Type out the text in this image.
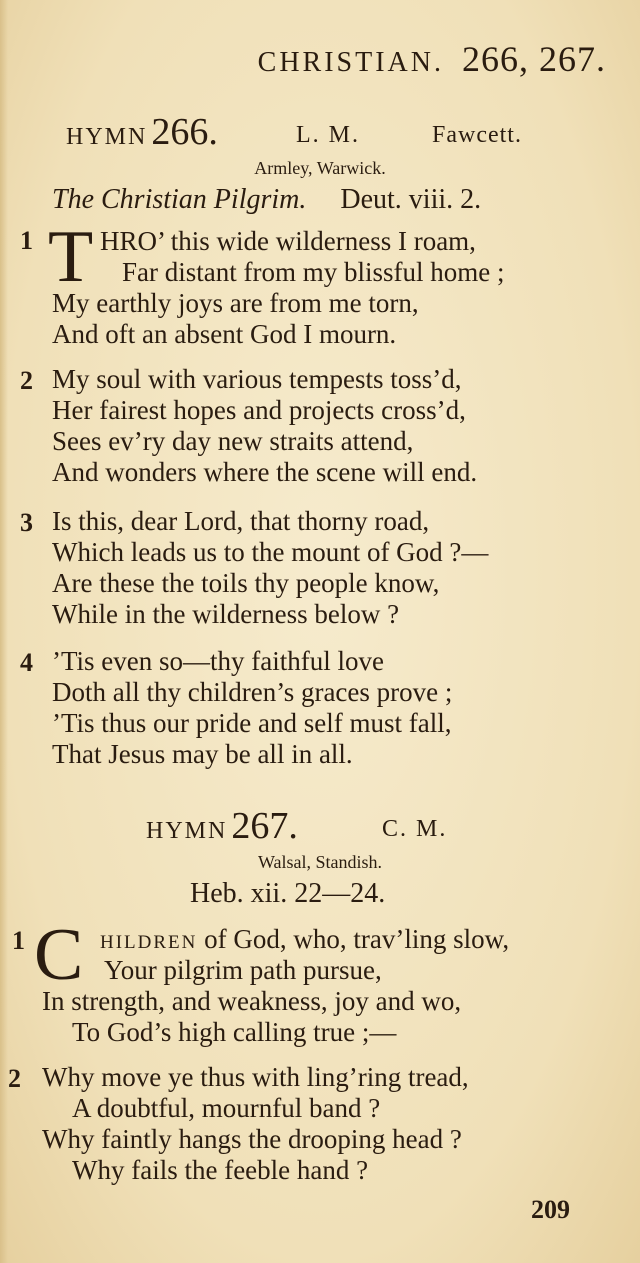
CHRISTIAN. 266, 267.
HYMN 266.	L. M.	Fawcett.
Armley, Warwick.
The Christian Pilgrim. Deut. viii. 2.
1 T HRO’ this wide wilderness I roam,
Far distant from my blissful home ;
My earthly joys are from me torn,
And oft an absent God I mourn.
2 My soul with various tempests toss’d,
Her fairest hopes and projects cross’d,
Sees ev’ry day new straits attend,
And wonders where the scene will end.
3 Is this, dear Lord, that thorny road,
Which leads us to the mount of God ?—
Are these the toils thy people know,
While in the wilderness below ?
4 ’Tis even so—thy faithful love
Doth all thy children’s graces prove ;
’Tis thus our pride and self must fall,
That Jesus may be all in all.
HYMN 267.	C. M.
Walsal, Standish.
Heb. xii. 22—24.
1 C HILDREN of God, who, trav’ling slow,
Your pilgrim path pursue,
In strength, and weakness, joy and wo,
To God’s high calling true ;—
2 Why move ye thus with ling’ring tread,
A doubtful, mournful band ?
Why faintly hangs the drooping head ?
Why fails the feeble hand ?
209
